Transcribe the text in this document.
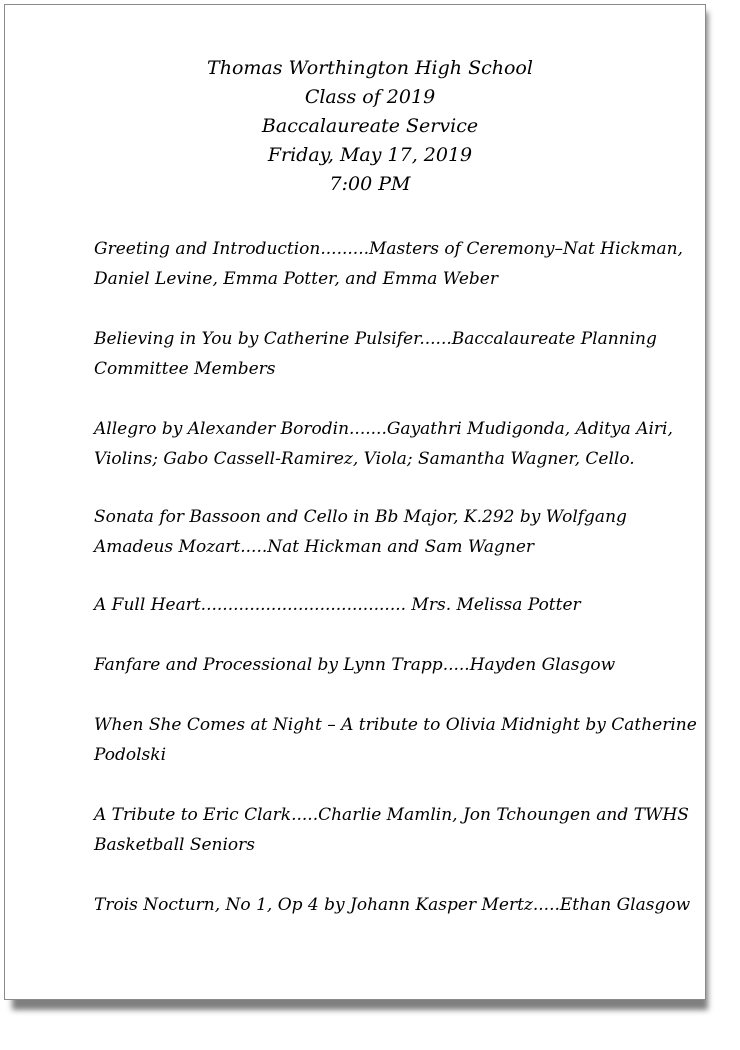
Thomas Worthington High School
Class of 2019
Baccalaureate Service
Friday, May 17, 2019
7:00 PM
Greeting and Introduction.........Masters of Ceremony–Nat Hickman,
Daniel Levine, Emma Potter, and Emma Weber
Believing in You by Catherine Pulsifer......Baccalaureate Planning
Committee Members
Allegro by Alexander Borodin.......Gayathri Mudigonda, Aditya Airi,
Violins; Gabo Cassell-Ramirez, Viola; Samantha Wagner, Cello.
Sonata for Bassoon and Cello in Bb Major, K.292 by Wolfgang
Amadeus Mozart.....Nat Hickman and Sam Wagner
A Full Heart...................................... Mrs. Melissa Potter
Fanfare and Processional by Lynn Trapp.....Hayden Glasgow
When She Comes at Night – A tribute to Olivia Midnight by Catherine
Podolski
A Tribute to Eric Clark.....Charlie Mamlin, Jon Tchoungen and TWHS
Basketball Seniors
Trois Nocturn, No 1, Op 4 by Johann Kasper Mertz.....Ethan Glasgow
